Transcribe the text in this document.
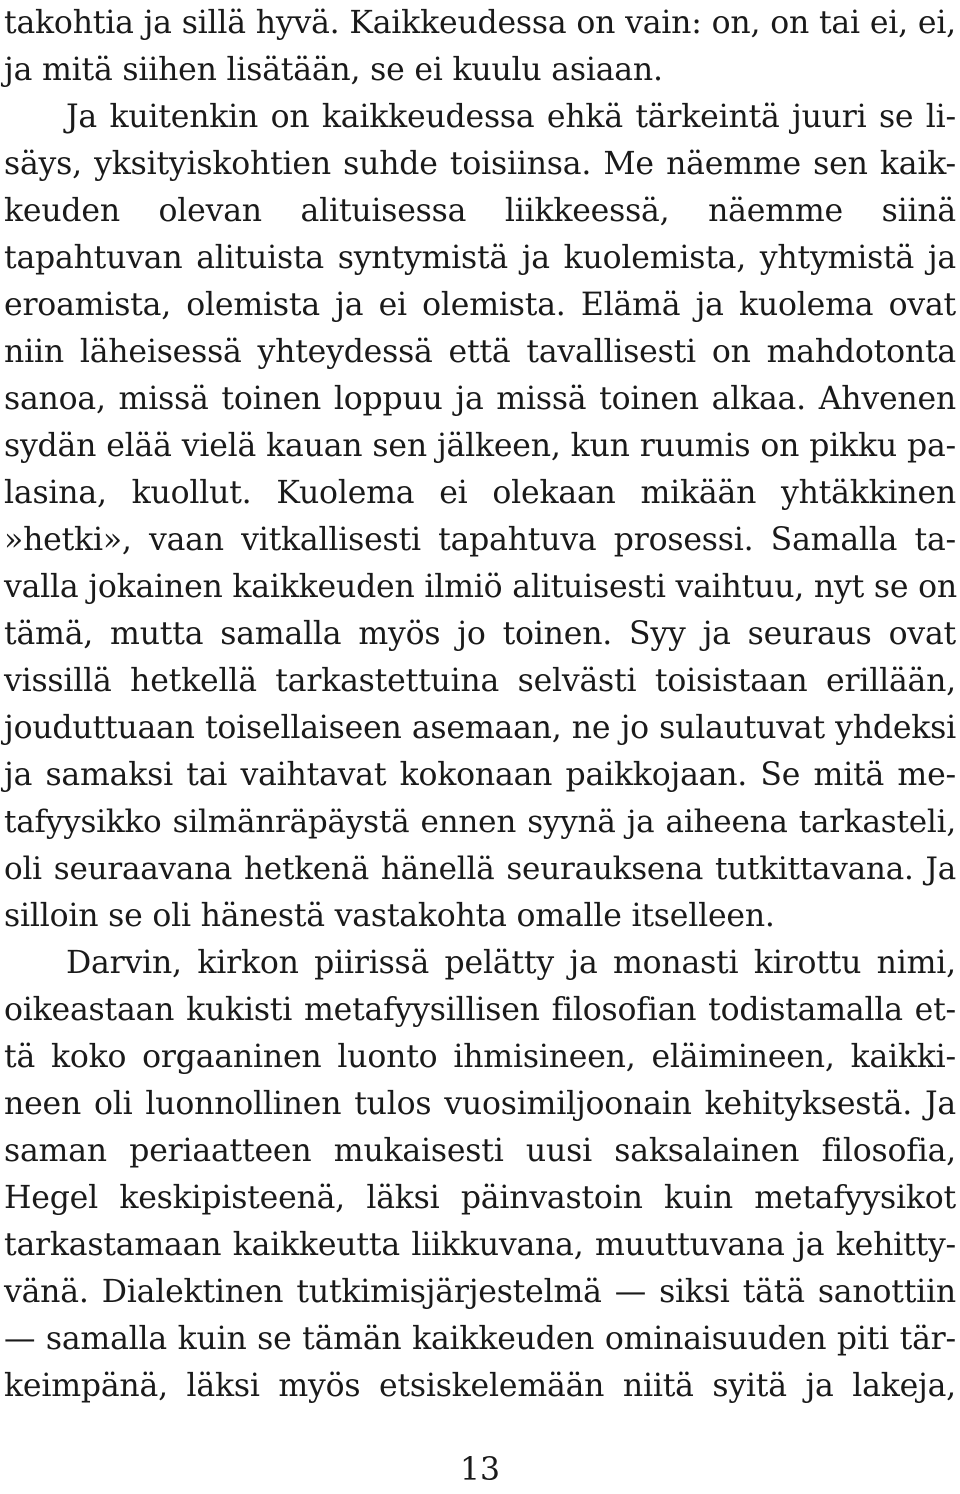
takohtia ja sillä hyvä. Kaikkeudessa on vain: on, on tai ei, ei,
ja mitä siihen lisätään, se ei kuulu asiaan.
Ja kuitenkin on kaikkeudessa ehkä tärkeintä juuri se li-
säys, yksityiskohtien suhde toisiinsa. Me näemme sen kaik-
keuden olevan alituisessa liikkeessä, näemme siinä
tapahtuvan alituista syntymistä ja kuolemista, yhtymistä ja
eroamista, olemista ja ei olemista. Elämä ja kuolema ovat
niin läheisessä yhteydessä että tavallisesti on mahdotonta
sanoa, missä toinen loppuu ja missä toinen alkaa. Ahvenen
sydän elää vielä kauan sen jälkeen, kun ruumis on pikku pa-
lasina, kuollut. Kuolema ei olekaan mikään yhtäkkinen
»hetki», vaan vitkallisesti tapahtuva prosessi. Samalla ta-
valla jokainen kaikkeuden ilmiö alituisesti vaihtuu, nyt se on
tämä, mutta samalla myös jo toinen. Syy ja seuraus ovat
vissillä hetkellä tarkastettuina selvästi toisistaan erillään,
jouduttuaan toisellaiseen asemaan, ne jo sulautuvat yhdeksi
ja samaksi tai vaihtavat kokonaan paikkojaan. Se mitä me-
tafyysikko silmänräpäystä ennen syynä ja aiheena tarkasteli,
oli seuraavana hetkenä hänellä seurauksena tutkittavana. Ja
silloin se oli hänestä vastakohta omalle itselleen.
Darvin, kirkon piirissä pelätty ja monasti kirottu nimi,
oikeastaan kukisti metafyysillisen filosofian todistamalla et-
tä koko orgaaninen luonto ihmisineen, eläimineen, kaikki-
neen oli luonnollinen tulos vuosimiljoonain kehityksestä. Ja
saman periaatteen mukaisesti uusi saksalainen filosofia,
Hegel keskipisteenä, läksi päinvastoin kuin metafyysikot
tarkastamaan kaikkeutta liikkuvana, muuttuvana ja kehitty-
vänä. Dialektinen tutkimisjärjestelmä — siksi tätä sanottiin
— samalla kuin se tämän kaikkeuden ominaisuuden piti tär-
keimpänä, läksi myös etsiskelemään niitä syitä ja lakeja,
13
